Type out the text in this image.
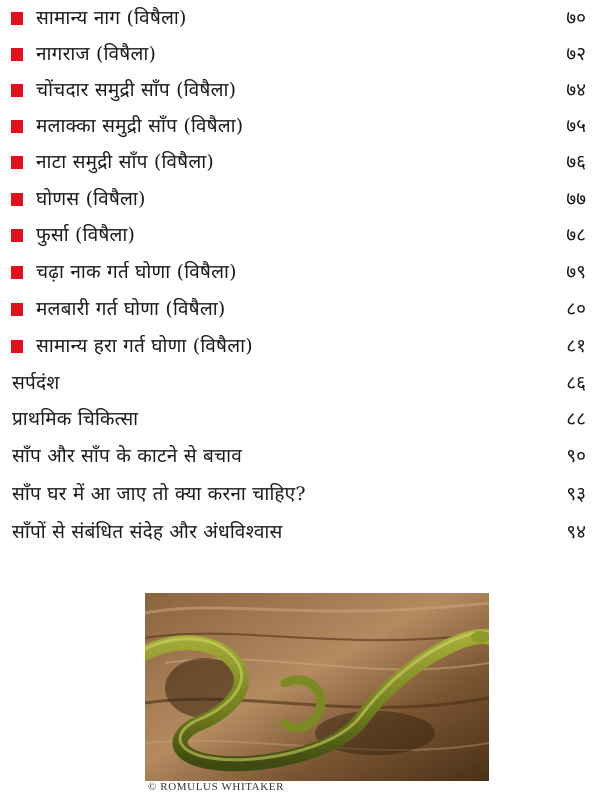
सामान्य नाग (विषैला)	७०
नागराज (विषैला)	७२
चोंचदार समुद्री साँप (विषैला)	७४
मलाक्का समुद्री साँप (विषैला)	७५
नाटा समुद्री साँप (विषैला)	७६
घोणस (विषैला)	७७
फुर्सा (विषैला)	७८
चढ़ा नाक गर्त घोणा (विषैला)	७९
मलबारी गर्त घोणा (विषैला)	८०
सामान्य हरा गर्त घोणा (विषैला)	८१
सर्पदंश	८६
प्राथमिक चिकित्सा	८८
साँप और साँप के काटने से बचाव	९०
साँप घर में आ जाए तो क्या करना चाहिए?	९३
साँपों से संबंधित संदेह और अंधविश्वास	९४
© ROMULUS WHITAKER
